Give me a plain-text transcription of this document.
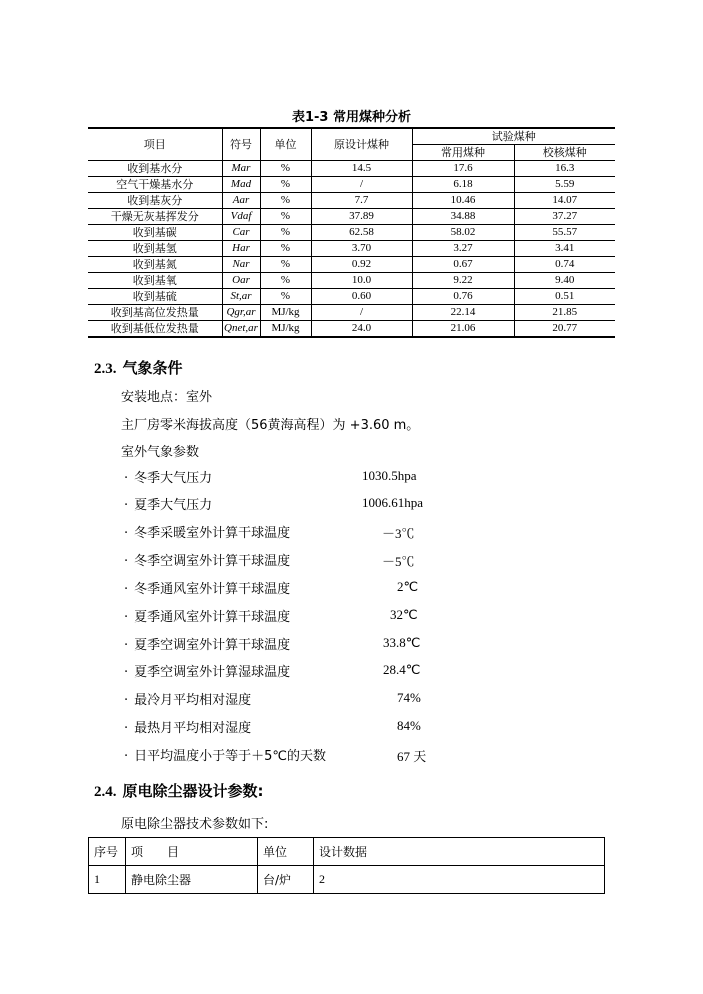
表1-3 常用煤种分析
项目	符号	单位	原设计煤种	试验煤种	
				常用煤种	校核煤种
收到基水分	Mar	%	14.5	17.6	16.3
空气干燥基水分	Mad	%	/	6.18	5.59
收到基灰分	Aar	%	7.7	10.46	14.07
干燥无灰基挥发分	Vdaf	%	37.89	34.88	37.27
收到基碳	Car	%	62.58	58.02	55.57
收到基氢	Har	%	3.70	3.27	3.41
收到基氮	Nar	%	0.92	0.67	0.74
收到基氧	Oar	%	10.0	9.22	9.40
收到基硫	St,ar	%	0.60	0.76	0.51
收到基高位发热量	Qgr,ar	MJ/kg	/	22.14	21.85
收到基低位发热量	Qnet,ar	MJ/kg	24.0	21.06	20.77
2.3. 气象条件
安装地点：室外
主厂房零米海拔高度（56黄海高程）为 +3.60 m。
室外气象参数
· 冬季大气压力	1030.5hpa
· 夏季大气压力	1006.61hpa
· 冬季采暖室外计算干球温度	－3℃
· 冬季空调室外计算干球温度	－5℃
· 冬季通风室外计算干球温度	2℃
· 夏季通风室外计算干球温度	32℃
· 夏季空调室外计算干球温度	33.8℃
· 夏季空调室外计算湿球温度	28.4℃
· 最冷月平均相对湿度	74%
· 最热月平均相对湿度	84%
· 日平均温度小于等于＋5℃的天数	67 天
2.4. 原电除尘器设计参数:
原电除尘器技术参数如下:
序号	项　　目	单位	设计数据
1	静电除尘器	台/炉	2
